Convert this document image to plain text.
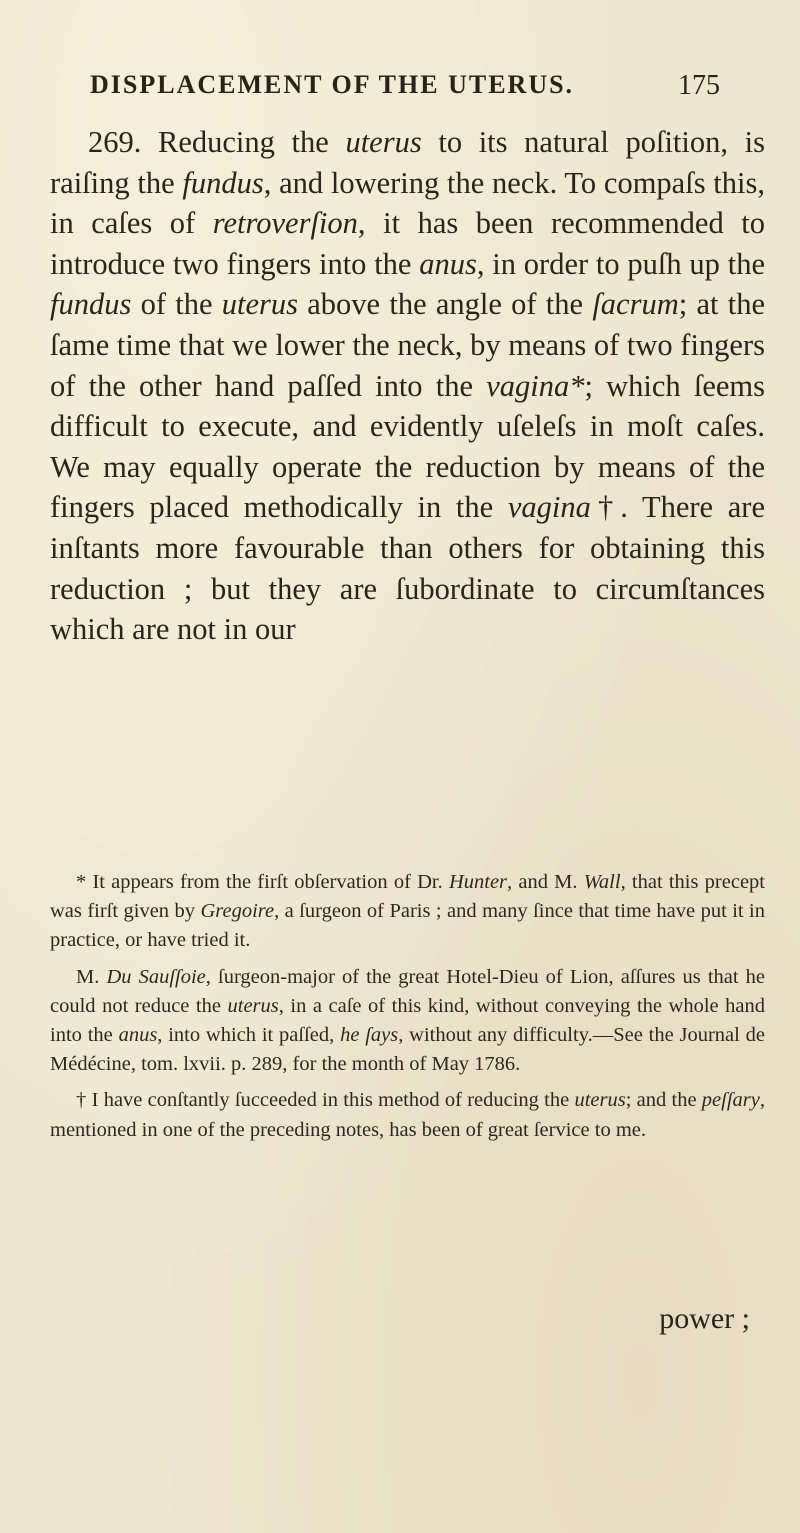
DISPLACEMENT OF THE UTERUS.	175

269. Reducing the uterus to its natural poſition, is raiſing the fundus, and lowering the neck. To compaſs this, in caſes of retroverſion, it has been recommended to introduce two fingers into the anus, in order to puſh up the fundus of the uterus above the angle of the ſacrum; at the ſame time that we lower the neck, by means of two fingers of the other hand paſſed into the vagina*; which ſeems difficult to execute, and evidently uſeleſs in moſt caſes. We may equally operate the reduction by means of the fingers placed methodically in the vagina†. There are inſtants more favourable than others for obtaining this reduction ; but they are ſubordinate to circumſtances which are not in our

* It appears from the firſt obſervation of Dr. Hunter, and M. Wall, that this precept was firſt given by Gregoire, a ſurgeon of Paris ; and many ſince that time have put it in practice, or have tried it.

M. Du Sauſſoie, ſurgeon-major of the great Hotel-Dieu of Lion, aſſures us that he could not reduce the uterus, in a caſe of this kind, without conveying the whole hand into the anus, into which it paſſed, he ſays, without any difficulty.—See the Journal de Médécine, tom. lxvii. p. 289, for the month of May 1786.

† I have conſtantly ſucceeded in this method of reducing the uterus; and the peſſary, mentioned in one of the preceding notes, has been of great ſervice to me.

power ;
